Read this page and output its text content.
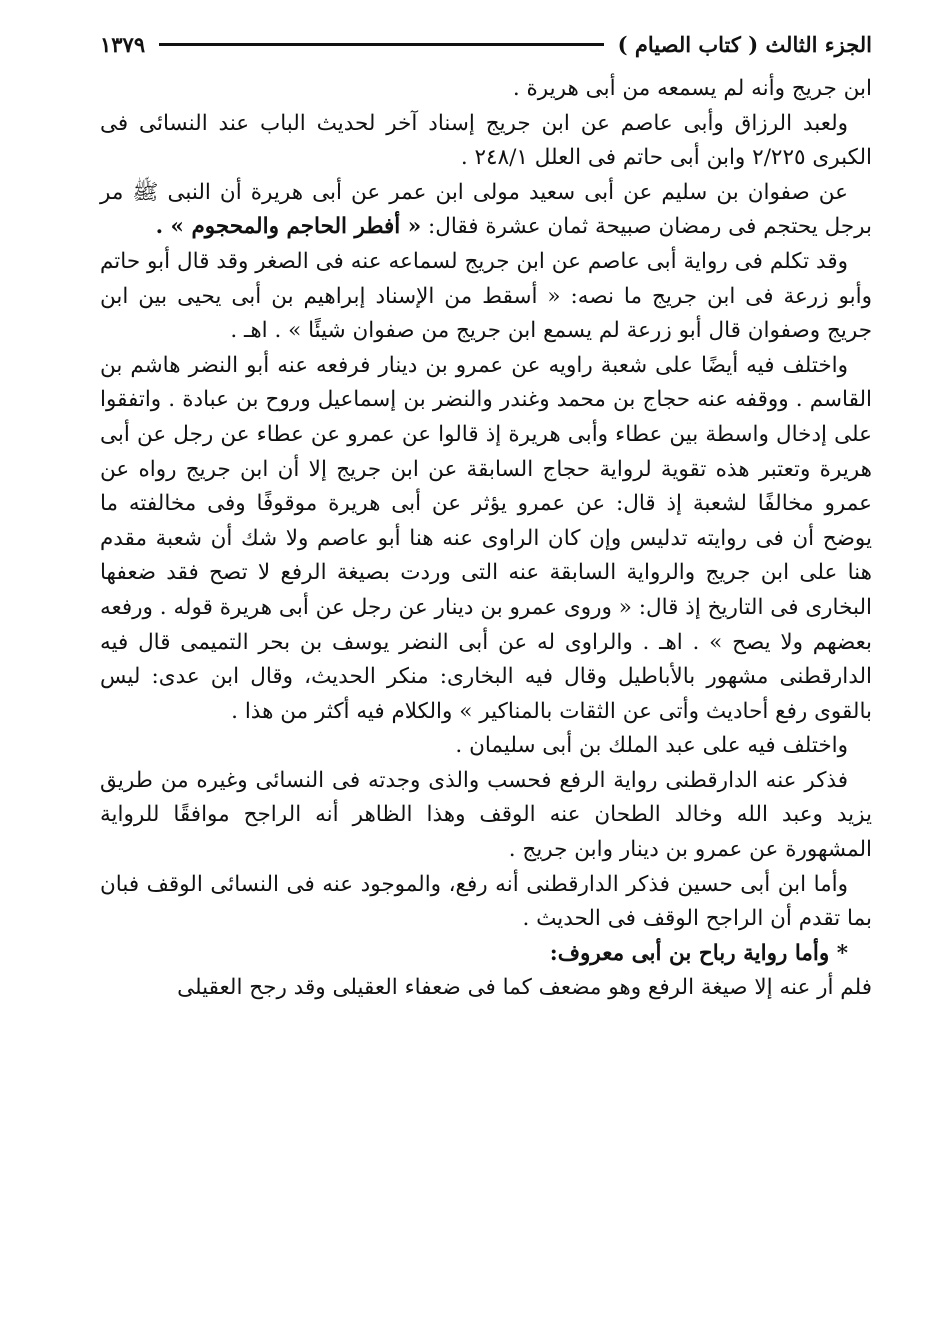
الجزء الثالث ( كتاب الصيام )
١٣٧٩

ابن جريج وأنه لم يسمعه من أبى هريرة .

ولعبد الرزاق وأبى عاصم عن ابن جريج إسناد آخر لحديث الباب عند النسائى فى الكبرى ٢/٢٢٥ وابن أبى حاتم فى العلل ٢٤٨/١ .

عن صفوان بن سليم عن أبى سعيد مولى ابن عمر عن أبى هريرة أن النبى ﷺ مر برجل يحتجم فى رمضان صبيحة ثمان عشرة فقال: « أفطر الحاجم والمحجوم » .

وقد تكلم فى رواية أبى عاصم عن ابن جريج لسماعه عنه فى الصغر وقد قال أبو حاتم وأبو زرعة فى ابن جريج ما نصه: « أسقط من الإسناد إبراهيم بن أبى يحيى بين ابن جريج وصفوان قال أبو زرعة لم يسمع ابن جريج من صفوان شيئًا » . اهـ .

واختلف فيه أيضًا على شعبة راويه عن عمرو بن دينار فرفعه عنه أبو النضر هاشم بن القاسم . ووقفه عنه حجاج بن محمد وغندر والنضر بن إسماعيل وروح بن عبادة . واتفقوا على إدخال واسطة بين عطاء وأبى هريرة إذ قالوا عن عمرو عن عطاء عن رجل عن أبى هريرة وتعتبر هذه تقوية لرواية حجاج السابقة عن ابن جريج إلا أن ابن جريج رواه عن عمرو مخالفًا لشعبة إذ قال: عن عمرو يؤثر عن أبى هريرة موقوفًا وفى مخالفته ما يوضح أن فى روايته تدليس وإن كان الراوى عنه هنا أبو عاصم ولا شك أن شعبة مقدم هنا على ابن جريج والرواية السابقة عنه التى وردت بصيغة الرفع لا تصح فقد ضعفها البخارى فى التاريخ إذ قال: « وروى عمرو بن دينار عن رجل عن أبى هريرة قوله . ورفعه بعضهم ولا يصح » . اهـ . والراوى له عن أبى النضر يوسف بن بحر التميمى قال فيه الدارقطنى مشهور بالأباطيل وقال فيه البخارى: منكر الحديث، وقال ابن عدى: ليس بالقوى رفع أحاديث وأتى عن الثقات بالمناكير » والكلام فيه أكثر من هذا .

واختلف فيه على عبد الملك بن أبى سليمان .

فذكر عنه الدارقطنى رواية الرفع فحسب والذى وجدته فى النسائى وغيره من طريق يزيد وعبد الله وخالد الطحان عنه الوقف وهذا الظاهر أنه الراجح موافقًا للرواية المشهورة عن عمرو بن دينار وابن جريج .

وأما ابن أبى حسين فذكر الدارقطنى أنه رفع، والموجود عنه فى النسائى الوقف فبان بما تقدم أن الراجح الوقف فى الحديث .

* وأما رواية رباح بن أبى معروف:

فلم أر عنه إلا صيغة الرفع وهو مضعف كما فى ضعفاء العقيلى وقد رجح العقيلى
